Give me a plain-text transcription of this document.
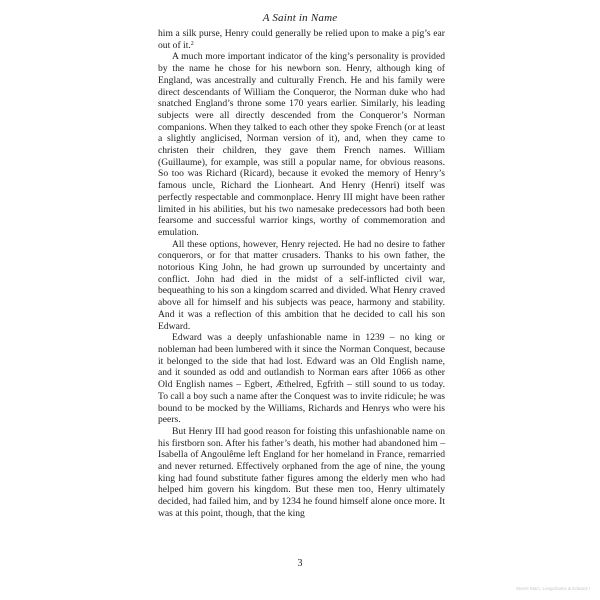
A Saint in Name

him a silk purse, Henry could generally be relied upon to make a pig’s ear out of it.$^2$

A much more important indicator of the king’s personality is provided by the name he chose for his newborn son. Henry, although king of England, was ancestrally and culturally French. He and his family were direct descendants of William the Conqueror, the Norman duke who had snatched England’s throne some 170 years earlier. Similarly, his leading subjects were all directly descended from the Conqueror’s Norman companions. When they talked to each other they spoke French (or at least a slightly anglicised, Norman version of it), and, when they came to christen their children, they gave them French names. William (Guillaume), for example, was still a popular name, for obvious reasons. So too was Richard (Ricard), because it evoked the memory of Henry’s famous uncle, Richard the Lionheart. And Henry (Henri) itself was perfectly respectable and commonplace. Henry III might have been rather limited in his abilities, but his two namesake predecessors had both been fearsome and successful warrior kings, worthy of commemoration and emulation.

All these options, however, Henry rejected. He had no desire to father conquerors, or for that matter crusaders. Thanks to his own father, the notorious King John, he had grown up surrounded by uncertainty and conflict. John had died in the midst of a self-inflicted civil war, bequeathing to his son a kingdom scarred and divided. What Henry craved above all for himself and his subjects was peace, harmony and stability. And it was a reflection of this ambition that he decided to call his son Edward.

Edward was a deeply unfashionable name in 1239 – no king or nobleman had been lumbered with it since the Norman Conquest, because it belonged to the side that had lost. Edward was an Old English name, and it sounded as odd and outlandish to Norman ears after 1066 as other Old English names – Egbert, Æthelred, Egfrith – still sound to us today. To call a boy such a name after the Conquest was to invite ridicule; he was bound to be mocked by the Williams, Richards and Henrys who were his peers.

But Henry III had good reason for foisting this unfashionable name on his firstborn son. After his father’s death, his mother had abandoned him – Isabella of Angoulême left England for her homeland in France, remarried and never returned. Effectively orphaned from the age of nine, the young king had found substitute father figures among the elderly men who had helped him govern his kingdom. But these men too, Henry ultimately decided, had failed him, and by 1234 he found himself alone once more. It was at this point, though, that the king

3
Morris Marc, Longshanks & Edward I
